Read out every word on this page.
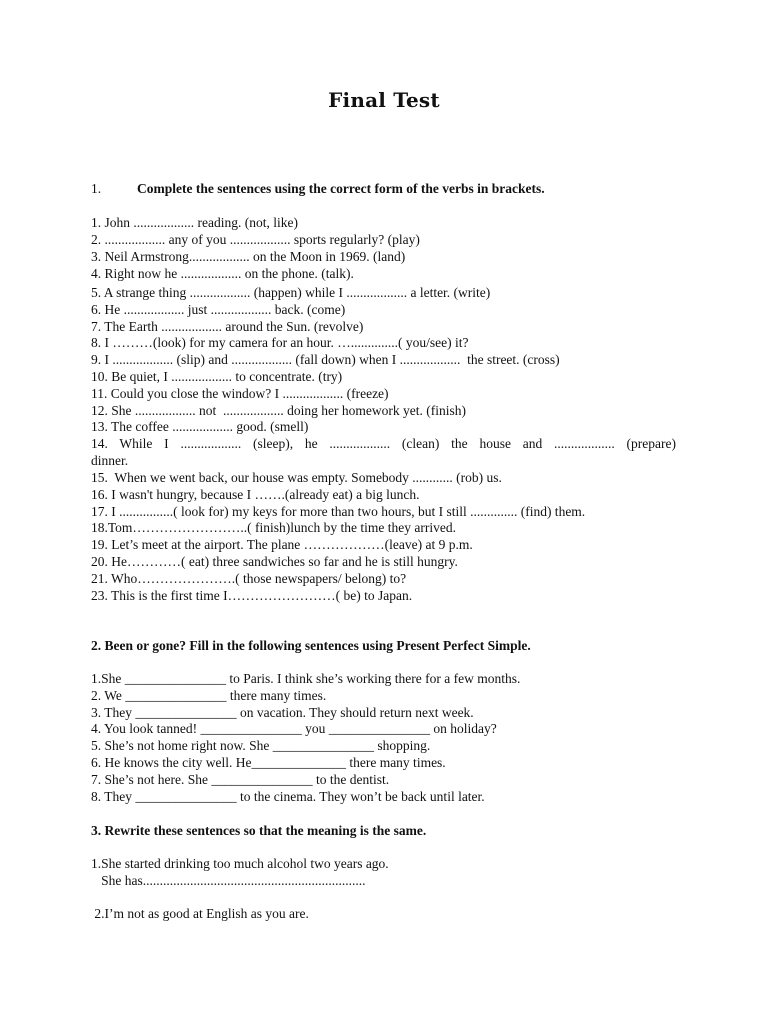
Final Test
1.	Complete the sentences using the correct form of the verbs in brackets.
1. John .................. reading. (not, like)
2. .................. any of you .................. sports regularly? (play)
3. Neil Armstrong.................. on the Moon in 1969. (land)
4. Right now he .................. on the phone. (talk).
5. A strange thing .................. (happen) while I .................. a letter. (write)
6. He .................. just .................. back. (come)
7. The Earth .................. around the Sun. (revolve)
8. I ………(look) for my camera for an hour. …..............( you/see) it?
9. I .................. (slip) and .................. (fall down) when I ..................  the street. (cross)
10. Be quiet, I .................. to concentrate. (try)
11. Could you close the window? I .................. (freeze)
12. She .................. not  .................. doing her homework yet. (finish)
13. The coffee .................. good. (smell)
14. While I .................. (sleep), he .................. (clean) the house and .................. (prepare)
dinner.
15.  When we went back, our house was empty. Somebody ............ (rob) us.
16. I wasn't hungry, because I …….(already eat) a big lunch.
17. I ................( look for) my keys for more than two hours, but I still .............. (find) them.
18.Tom……………………..( finish)lunch by the time they arrived.
19. Let’s meet at the airport. The plane ………………(leave) at 9 p.m.
20. He…………( eat) three sandwiches so far and he is still hungry.
21. Who………………….( those newspapers/ belong) to?
23. This is the first time I……………………( be) to Japan.
2. Been or gone? Fill in the following sentences using Present Perfect Simple.
1.She _______________ to Paris. I think she’s working there for a few months.
2. We _______________ there many times.
3. They _______________ on vacation. They should return next week.
4. You look tanned! _______________ you _______________ on holiday?
5. She’s not home right now. She _______________ shopping.
6. He knows the city well. He______________ there many times.
7. She’s not here. She _______________ to the dentist.
8. They _______________ to the cinema. They won’t be back until later.
3. Rewrite these sentences so that the meaning is the same.
1.She started drinking too much alcohol two years ago.
She has..................................................................
2.I’m not as good at English as you are.
